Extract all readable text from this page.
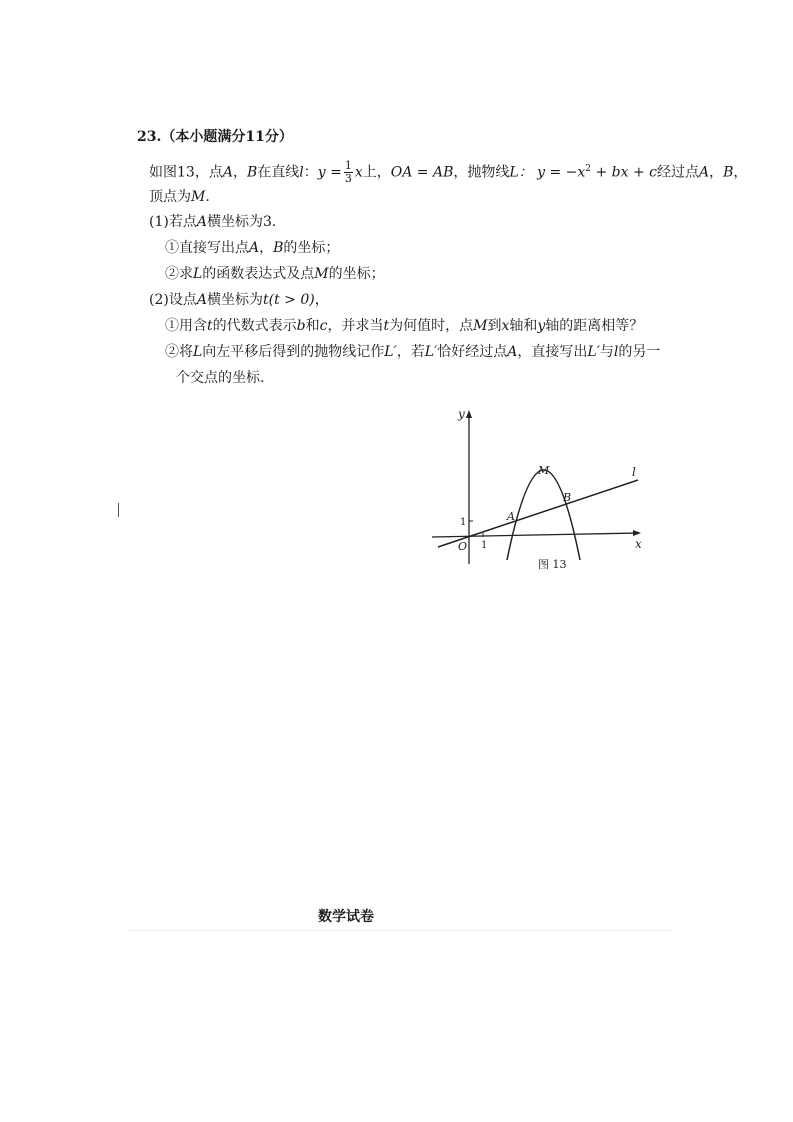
23.（本小题满分11分）
如图13，点A，B在直线l：$y = \frac{1}{3}$ x上，OA = AB，抛物线L： $y = -x^2$ + bx + c经过点A，B，
顶点为M.
(1)若点A横坐标为3.
①直接写出点A，B的坐标；
②求L的函数表达式及点M的坐标；
(2)设点A横坐标为t(t > 0)，
①用含t的代数式表示b和c，并求当t为何值时，点M到x轴和y轴的距离相等？
②将L向左平移后得到的抛物线记作L′，若L′恰好经过点A，直接写出L′与l的另一
个交点的坐标.
y
x
O
1
1
A
B
M	l
图 13
数学试卷
